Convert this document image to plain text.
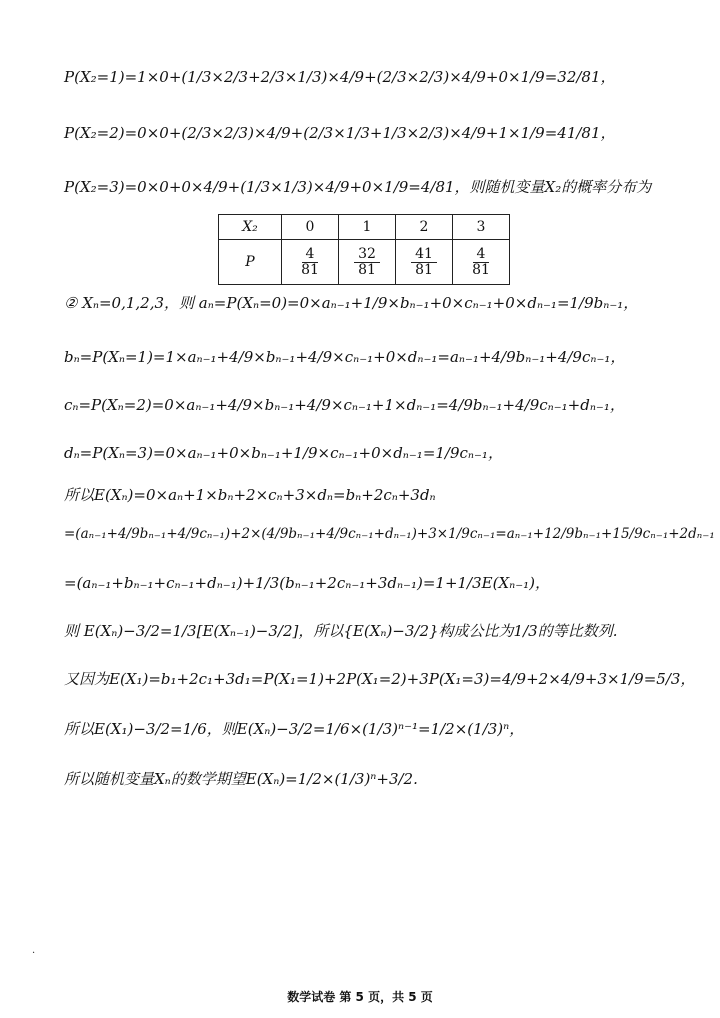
P(X₂=1)=1×0+(1/3×2/3+2/3×1/3)×4/9+(2/3×2/3)×4/9+0×1/9=32/81，
P(X₂=2)=0×0+(2/3×2/3)×4/9+(2/3×1/3+1/3×2/3)×4/9+1×1/9=41/81，
P(X₂=3)=0×0+0×4/9+(1/3×1/3)×4/9+0×1/9=4/81，则随机变量X₂的概率分布为
X₂	0	1	2	3
P	$\frac{4}{81}$	$\frac{32}{81}$	$\frac{41}{81}$	$\frac{4}{81}$
② Xₙ=0,1,2,3，则 aₙ=P(Xₙ=0)=0×aₙ₋₁+1/9×bₙ₋₁+0×cₙ₋₁+0×dₙ₋₁=1/9bₙ₋₁，
bₙ=P(Xₙ=1)=1×aₙ₋₁+4/9×bₙ₋₁+4/9×cₙ₋₁+0×dₙ₋₁=aₙ₋₁+4/9bₙ₋₁+4/9cₙ₋₁，
cₙ=P(Xₙ=2)=0×aₙ₋₁+4/9×bₙ₋₁+4/9×cₙ₋₁+1×dₙ₋₁=4/9bₙ₋₁+4/9cₙ₋₁+dₙ₋₁，
dₙ=P(Xₙ=3)=0×aₙ₋₁+0×bₙ₋₁+1/9×cₙ₋₁+0×dₙ₋₁=1/9cₙ₋₁，
所以E(Xₙ)=0×aₙ+1×bₙ+2×cₙ+3×dₙ=bₙ+2cₙ+3dₙ
=(aₙ₋₁+4/9bₙ₋₁+4/9cₙ₋₁)+2×(4/9bₙ₋₁+4/9cₙ₋₁+dₙ₋₁)+3×1/9cₙ₋₁=aₙ₋₁+12/9bₙ₋₁+15/9cₙ₋₁+2dₙ₋₁
=(aₙ₋₁+bₙ₋₁+cₙ₋₁+dₙ₋₁)+1/3(bₙ₋₁+2cₙ₋₁+3dₙ₋₁)=1+1/3E(Xₙ₋₁)，
则 E(Xₙ)−3/2=1/3[E(Xₙ₋₁)−3/2]，所以{E(Xₙ)−3/2}构成公比为1/3的等比数列.
又因为E(X₁)=b₁+2c₁+3d₁=P(X₁=1)+2P(X₁=2)+3P(X₁=3)=4/9+2×4/9+3×1/9=5/3，
所以E(X₁)−3/2=1/6，则E(Xₙ)−3/2=1/6×(1/3)ⁿ⁻¹=1/2×(1/3)ⁿ，
所以随机变量Xₙ的数学期望E(Xₙ)=1/2×(1/3)ⁿ+3/2.
·
数学试卷 第 5 页，共 5 页
